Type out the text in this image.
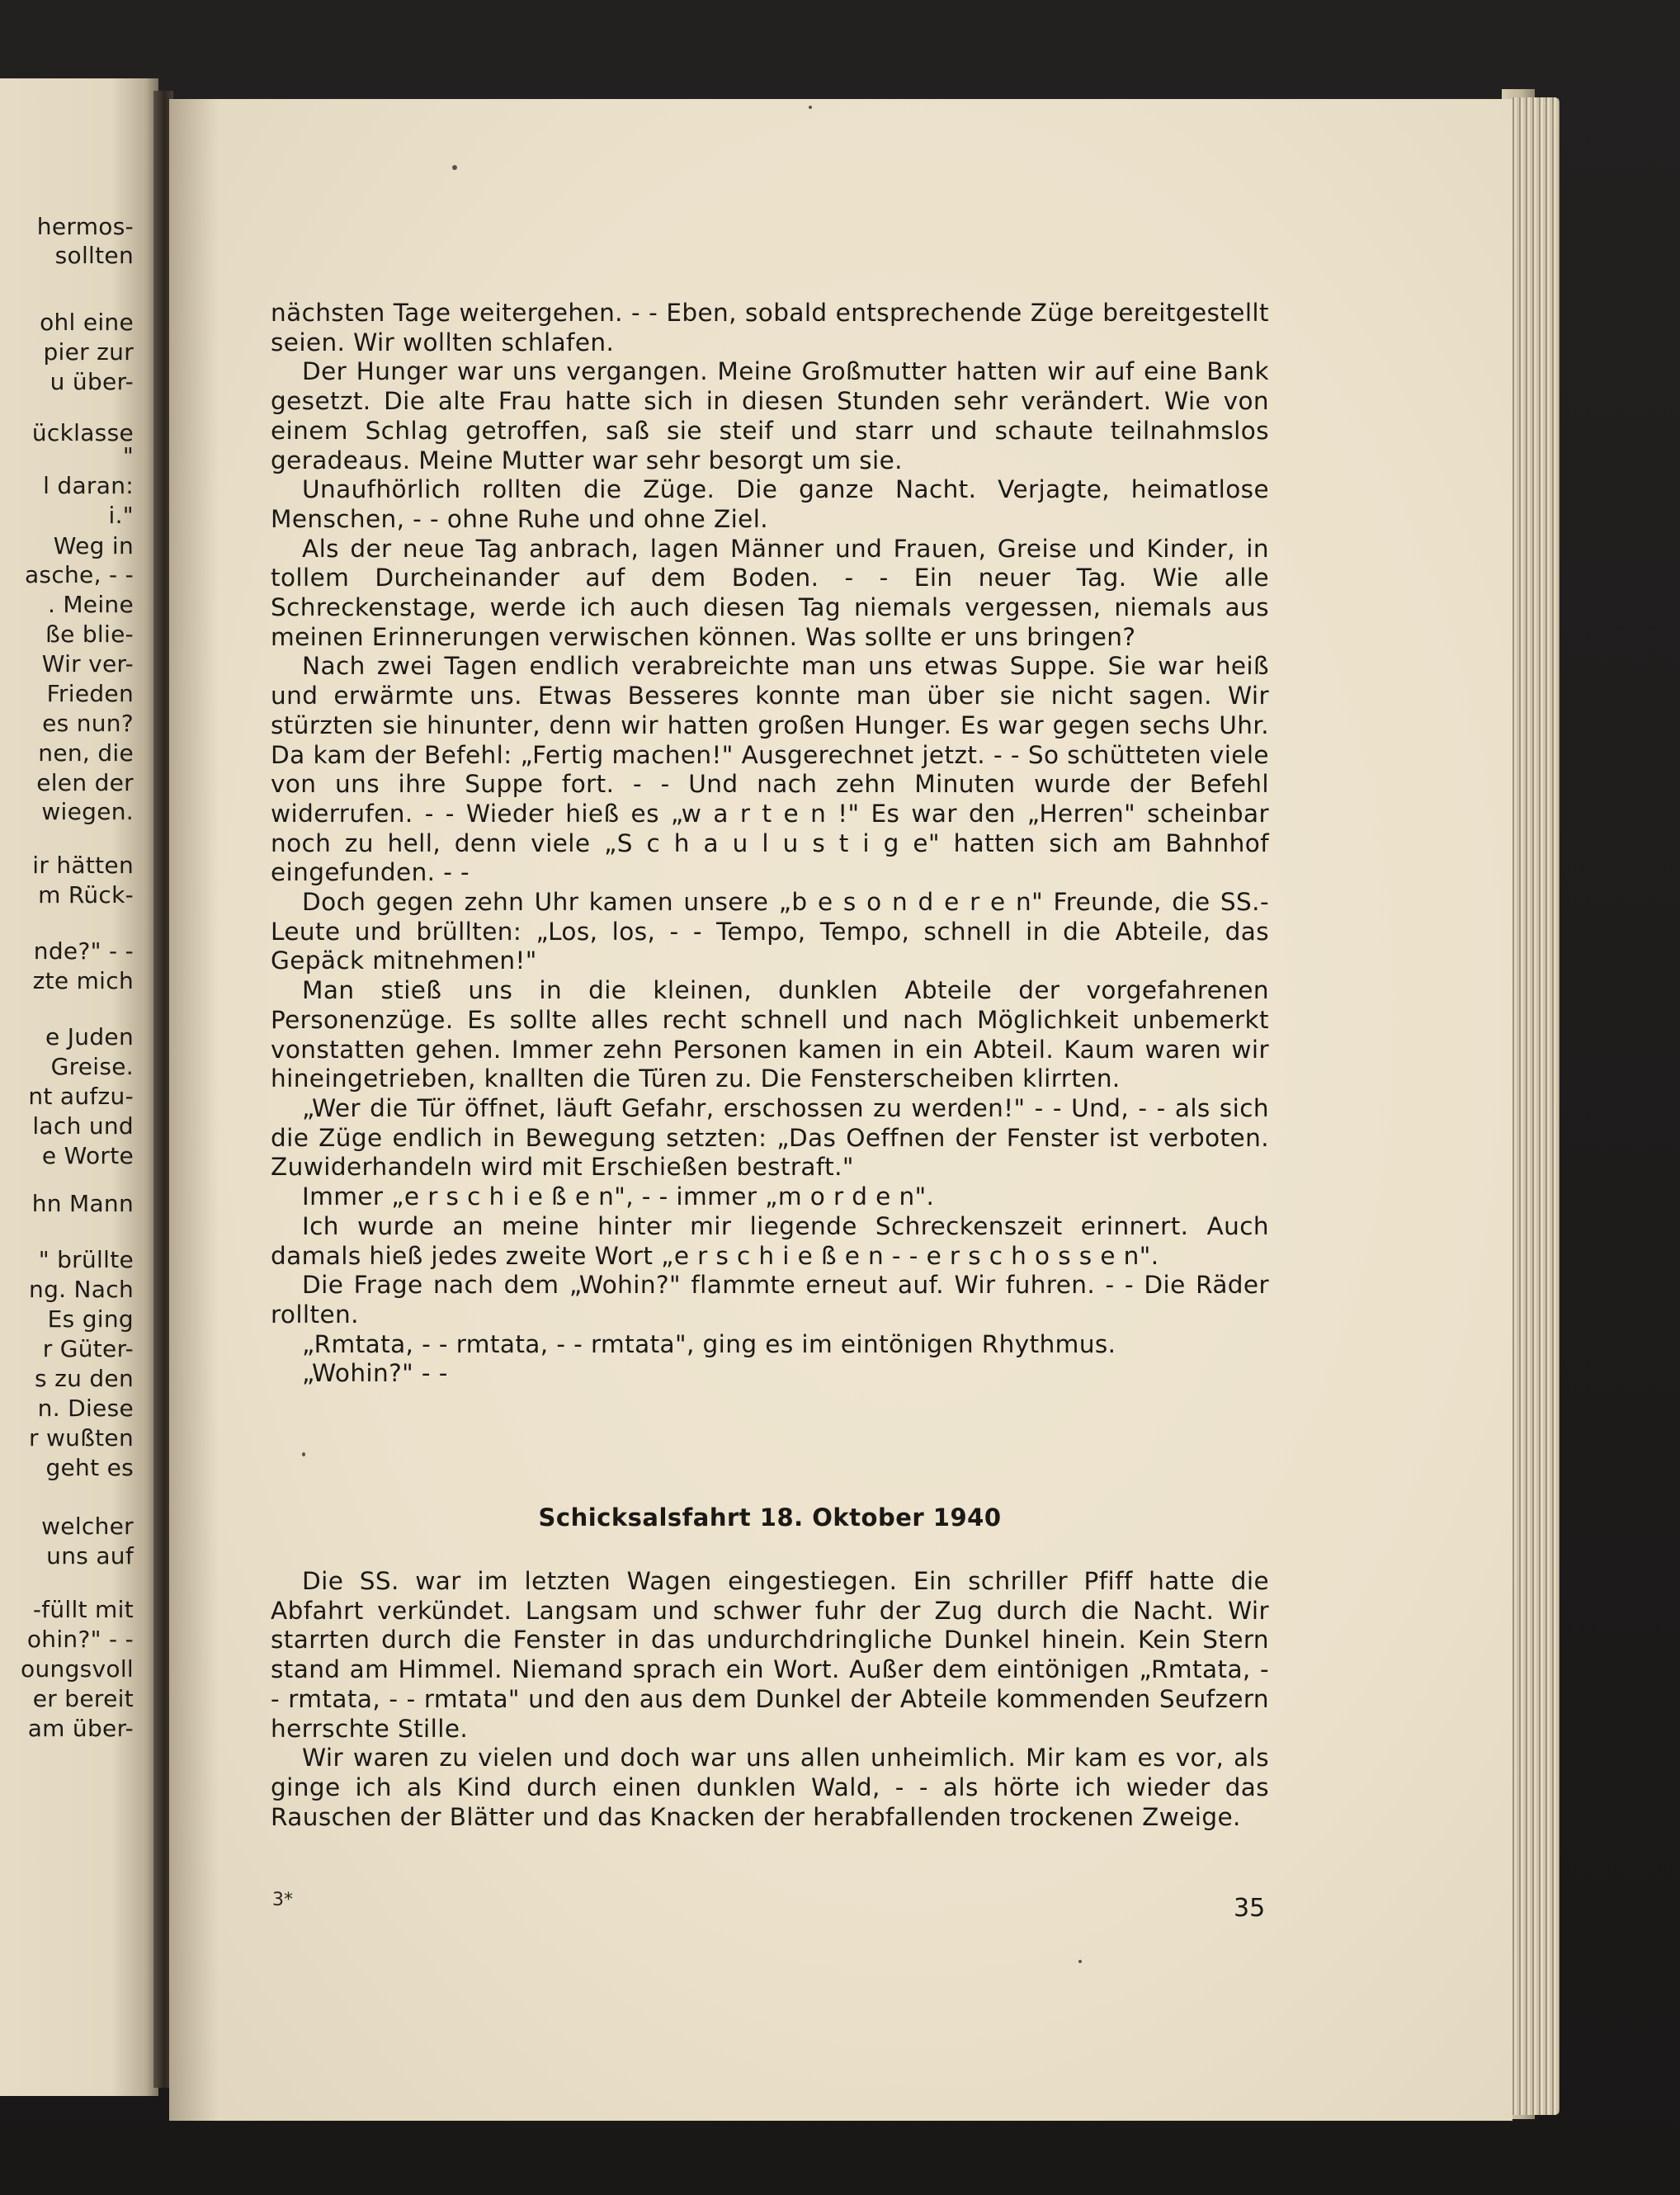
hermos-
sollten
ohl eine
pier zur
u über-
ücklasse
"
l daran:
i."
Weg in
asche, - -
. Meine
ße blie-
Wir ver-
Frieden
es nun?
nen, die
elen der
wiegen.
ir hätten
m Rück-
nde?" - -
zte mich
e Juden
Greise.
nt aufzu-
lach und
e Worte
hn Mann
" brüllte
ng. Nach
Es ging
r Güter-
s zu den
n. Diese
r wußten
geht es
welcher
uns auf
-füllt mit
ohin?" - -
oungsvoll
er bereit
am über-

nächsten Tage weitergehen. - - Eben, sobald entsprechende Züge bereitgestellt seien. Wir wollten schlafen.

Der Hunger war uns vergangen. Meine Großmutter hatten wir auf eine Bank gesetzt. Die alte Frau hatte sich in diesen Stunden sehr verändert. Wie von einem Schlag getroffen, saß sie steif und starr und schaute teilnahmslos geradeaus. Meine Mutter war sehr besorgt um sie.

Unaufhörlich rollten die Züge. Die ganze Nacht. Verjagte, heimatlose Menschen, - - ohne Ruhe und ohne Ziel.

Als der neue Tag anbrach, lagen Männer und Frauen, Greise und Kinder, in tollem Durcheinander auf dem Boden. - - Ein neuer Tag. Wie alle Schreckenstage, werde ich auch diesen Tag niemals vergessen, niemals aus meinen Erinnerungen verwischen können. Was sollte er uns bringen?

Nach zwei Tagen endlich verabreichte man uns etwas Suppe. Sie war heiß und erwärmte uns. Etwas Besseres konnte man über sie nicht sagen. Wir stürzten sie hinunter, denn wir hatten großen Hunger. Es war gegen sechs Uhr. Da kam der Befehl: „Fertig machen!" Ausgerechnet jetzt. - - So schütteten viele von uns ihre Suppe fort. - - Und nach zehn Minuten wurde der Befehl widerrufen. - - Wieder hieß es „w a r t e n !" Es war den „Herren" scheinbar noch zu hell, denn viele „S c h a u l u s t i g e" hatten sich am Bahnhof eingefunden. - -

Doch gegen zehn Uhr kamen unsere „b e s o n d e r e n" Freunde, die SS.-Leute und brüllten: „Los, los, - - Tempo, Tempo, schnell in die Abteile, das Gepäck mitnehmen!"

Man stieß uns in die kleinen, dunklen Abteile der vorgefahrenen Personenzüge. Es sollte alles recht schnell und nach Möglichkeit unbemerkt vonstatten gehen. Immer zehn Personen kamen in ein Abteil. Kaum waren wir hineingetrieben, knallten die Türen zu. Die Fensterscheiben klirrten.

„Wer die Tür öffnet, läuft Gefahr, erschossen zu werden!" - - Und, - - als sich die Züge endlich in Bewegung setzten: „Das Oeffnen der Fenster ist verboten. Zuwiderhandeln wird mit Erschießen bestraft."

Immer „e r s c h i e ß e n", - - immer „m o r d e n".

Ich wurde an meine hinter mir liegende Schreckenszeit erinnert. Auch damals hieß jedes zweite Wort „e r s c h i e ß e n - - e r s c h o s s e n".

Die Frage nach dem „Wohin?" flammte erneut auf. Wir fuhren. - - Die Räder rollten.

„Rmtata, - - rmtata, - - rmtata", ging es im eintönigen Rhythmus.

„Wohin?" - -

Schicksalsfahrt 18. Oktober 1940

Die SS. war im letzten Wagen eingestiegen. Ein schriller Pfiff hatte die Abfahrt verkündet. Langsam und schwer fuhr der Zug durch die Nacht. Wir starrten durch die Fenster in das undurchdringliche Dunkel hinein. Kein Stern stand am Himmel. Niemand sprach ein Wort. Außer dem eintönigen „Rmtata, - - rmtata, - - rmtata" und den aus dem Dunkel der Abteile kommenden Seufzern herrschte Stille.

Wir waren zu vielen und doch war uns allen unheimlich. Mir kam es vor, als ginge ich als Kind durch einen dunklen Wald, - - als hörte ich wieder das Rauschen der Blätter und das Knacken der herabfallenden trockenen Zweige.

3*	35
